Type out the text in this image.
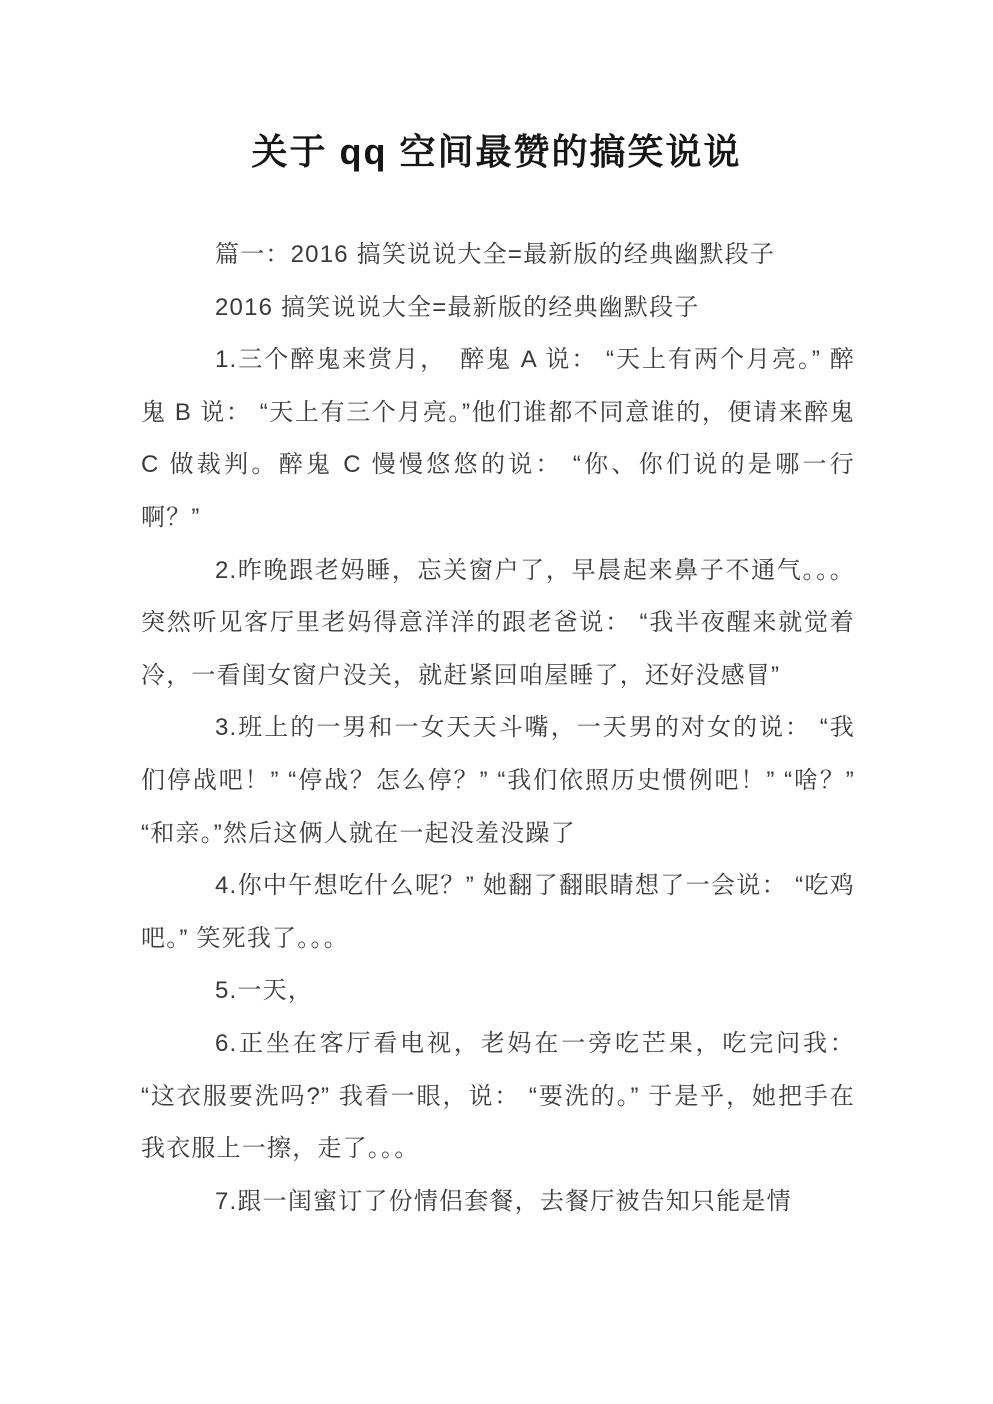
关于 qq 空间最赞的搞笑说说

篇一：2016 搞笑说说大全=最新版的经典幽默段子

2016 搞笑说说大全=最新版的经典幽默段子

1.三个醉鬼来赏月，　醉鬼 A 说： “天上有两个月亮。” 醉鬼 B 说： “天上有三个月亮。”他们谁都不同意谁的，便请来醉鬼 C 做裁判。醉鬼 C 慢慢悠悠的说： “你、你们说的是哪一行啊？”

2.昨晚跟老妈睡，忘关窗户了，早晨起来鼻子不通气。。。突然听见客厅里老妈得意洋洋的跟老爸说： “我半夜醒来就觉着冷，一看闺女窗户没关，就赶紧回咱屋睡了，还好没感冒”

3.班上的一男和一女天天斗嘴，一天男的对女的说： “我们停战吧！” “停战？怎么停？” “我们依照历史惯例吧！” “啥？” “和亲。”然后这俩人就在一起没羞没躁了

4.你中午想吃什么呢？” 她翻了翻眼睛想了一会说： “吃鸡 吧。” 笑死我了。。。

5.一天，

6.正坐在客厅看电视，老妈在一旁吃芒果，吃完问我： “这衣服要洗吗?” 我看一眼，说： “要洗的。” 于是乎，她把手在我衣服上一擦，走了。。。

7.跟一闺蜜订了份情侣套餐，去餐厅被告知只能是情
